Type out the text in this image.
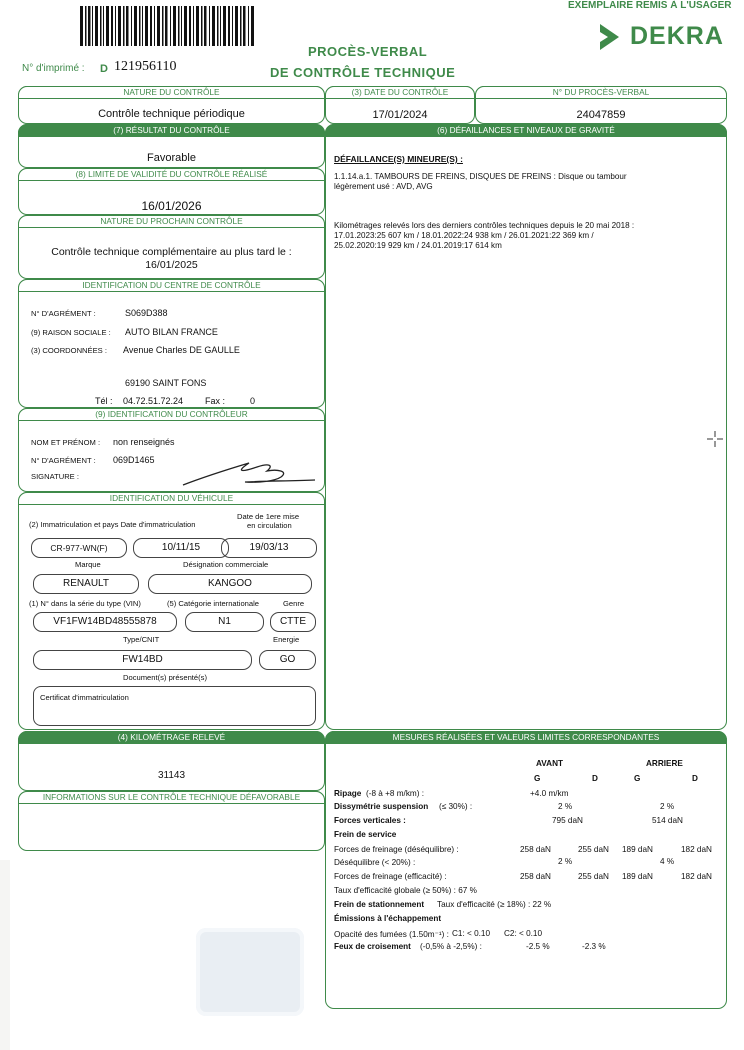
EXEMPLAIRE REMIS À L'USAGER
DEKRA
PROCÈS-VERBAL
DE CONTRÔLE TECHNIQUE
N° d'imprimé : D 121956110
NATURE DU CONTRÔLE
Contrôle technique périodique
(7) RÉSULTAT DU CONTRÔLE
Favorable
(8) LIMITE DE VALIDITÉ DU CONTRÔLE RÉALISÉ
16/01/2026
NATURE DU PROCHAIN CONTRÔLE
Contrôle technique complémentaire au plus tard le :
16/01/2025
IDENTIFICATION DU CENTRE DE CONTRÔLE
N° D'AGRÉMENT :	S069D388
(9) RAISON SOCIALE : AUTO BILAN FRANCE
(3) COORDONNÉES : Avenue Charles DE GAULLE
69190 SAINT FONS
Tél : 04.72.51.72.24 Fax :	0
(9) IDENTIFICATION DU CONTRÔLEUR
NOM ET PRÉNOM : non renseignés
N° D'AGRÉMENT : 069D1465
SIGNATURE :
IDENTIFICATION DU VÉHICULE
(2) Immatriculation et pays Date d'immatriculation
Date de 1ere mise
en circulation
CR-977-WN(F)	10/11/15	19/03/13
Marque	Désignation commerciale
RENAULT	KANGOO
(1) N° dans la série du type (VIN)	(5) Catégorie internationale	Genre
VF1FW14BD48555878	N1	CTTE
Type/CNIT	Energie
FW14BD	GO
Document(s) présenté(s)
Certificat d'immatriculation
(4) KILOMÉTRAGE RELEVÉ
31143
INFORMATIONS SUR LE CONTRÔLE TECHNIQUE DÉFAVORABLE
(3) DATE DU CONTRÔLE
17/01/2024
N° DU PROCÈS-VERBAL
24047859
(6) DÉFAILLANCES ET NIVEAUX DE GRAVITÉ
DÉFAILLANCE(S) MINEURE(S) :
1.1.14.a.1. TAMBOURS DE FREINS, DISQUES DE FREINS : Disque ou tambour
légèrement usé : AVD, AVG
Kilométrages relevés lors des derniers contrôles techniques depuis le 20 mai 2018 :
17.01.2023:25 607 km / 18.01.2022:24 938 km / 26.01.2021:22 369 km /
25.02.2020:19 929 km / 24.01.2019:17 614 km
MESURES RÉALISÉES ET VALEURS LIMITES CORRESPONDANTES
AVANT	ARRIERE
G	D	G	D
Ripage (-8 à +8 m/km) :	+4.0 m/km
Dissymétrie suspension (≤ 30%) :	2 %	2 %
Forces verticales :	795 daN	514 daN
Frein de service
Forces de freinage (déséquilibre) :	258 daN	255 daN 189 daN	182 daN
Déséquilibre (< 20%) :	2 %	4 %
Forces de freinage (efficacité) :	258 daN	255 daN 189 daN	182 daN
Taux d'efficacité globale (≥ 50%) : 67 %
Frein de stationnement Taux d'efficacité (≥ 18%) : 22 %
Émissions à l'échappement
Opacité des fumées (1.50m⁻¹) : C1: < 0.10 C2: < 0.10
Feux de croisement (-0,5% à -2,5%) :	-2.5 %	-2.3 %
